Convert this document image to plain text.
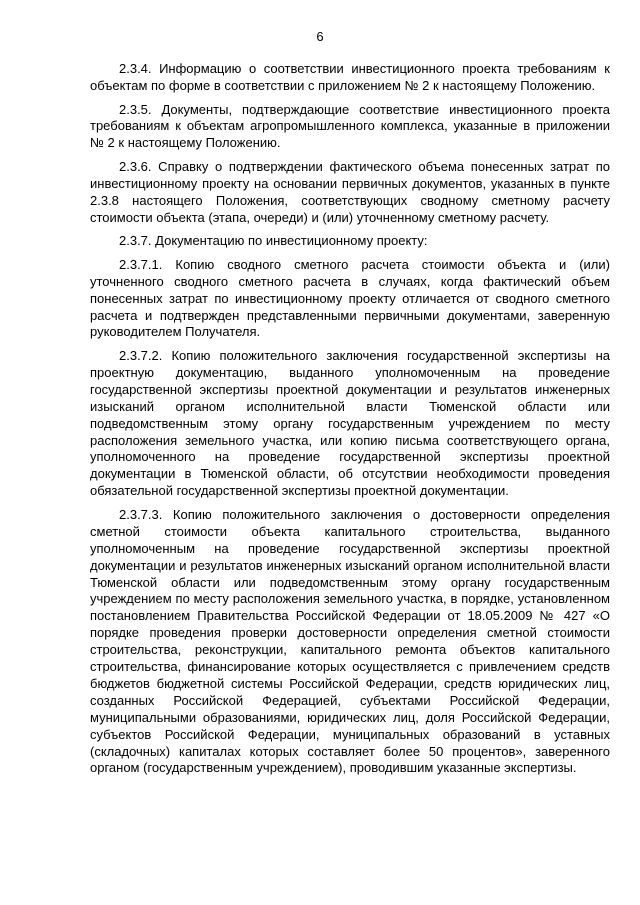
6

2.3.4. Информацию о соответствии инвестиционного проекта требованиям к объектам по форме в соответствии с приложением № 2 к настоящему Положению.

2.3.5. Документы, подтверждающие соответствие инвестиционного проекта требованиям к объектам агропромышленного комплекса, указанные в приложении № 2 к настоящему Положению.

2.3.6. Справку о подтверждении фактического объема понесенных затрат по инвестиционному проекту на основании первичных документов, указанных в пункте 2.3.8 настоящего Положения, соответствующих сводному сметному расчету стоимости объекта (этапа, очереди) и (или) уточненному сметному расчету.

2.3.7. Документацию по инвестиционному проекту:

2.3.7.1. Копию сводного сметного расчета стоимости объекта и (или) уточненного сводного сметного расчета в случаях, когда фактический объем понесенных затрат по инвестиционному проекту отличается от сводного сметного расчета и подтвержден представленными первичными документами, заверенную руководителем Получателя.

2.3.7.2. Копию положительного заключения государственной экспертизы на проектную документацию, выданного уполномоченным на проведение государственной экспертизы проектной документации и результатов инженерных изысканий органом исполнительной власти Тюменской области или подведомственным этому органу государственным учреждением по месту расположения земельного участка, или копию письма соответствующего органа, уполномоченного на проведение государственной экспертизы проектной документации в Тюменской области, об отсутствии необходимости проведения обязательной государственной экспертизы проектной документации.

2.3.7.3. Копию положительного заключения о достоверности определения сметной стоимости объекта капитального строительства, выданного уполномоченным на проведение государственной экспертизы проектной документации и результатов инженерных изысканий органом исполнительной власти Тюменской области или подведомственным этому органу государственным учреждением по месту расположения земельного участка, в порядке, установленном постановлением Правительства Российской Федерации от 18.05.2009 № 427 «О порядке проведения проверки достоверности определения сметной стоимости строительства, реконструкции, капитального ремонта объектов капитального строительства, финансирование которых осуществляется с привлечением средств бюджетов бюджетной системы Российской Федерации, средств юридических лиц, созданных Российской Федерацией, субъектами Российской Федерации, муниципальными образованиями, юридических лиц, доля Российской Федерации, субъектов Российской Федерации, муниципальных образований в уставных (складочных) капиталах которых составляет более 50 процентов», заверенного органом (государственным учреждением), проводившим указанные экспертизы.
